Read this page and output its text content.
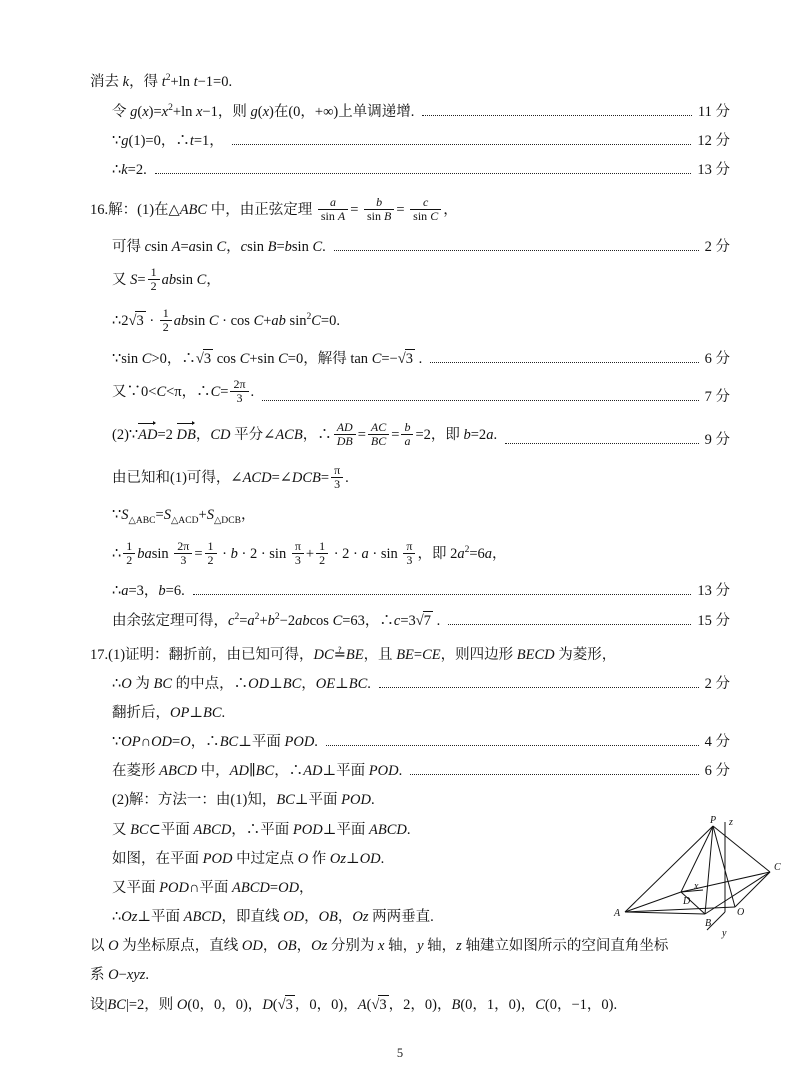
消去 k，得 $t^2+\ln$ t−1=0.
令 $g(x)=x^2+\ln$ x−1，则 g(x)在(0，+∞)上单调递增.	11 分
∵g(1)=0，∴t=1，	12 分
∴k=2.	13 分
16.解：(1)在△ABC 中，由正弦定理 $\frac{a}{\text{sin A}} = \frac{b}{\text{sin B}} = \frac{c}{\text{sin C}}$ ，
可得 csin A=asin C，csin B=bsin C.	2 分
又 $S= \frac{1}{2}$ absin C，
∴2√3 · $\frac{1}{2}$ absin C · cos C+ab $\sin^2C=0$.
∵sin C>0，∴√3 cos C+sin C=0，解得 tan C=−√3 .	6 分
又∵0<C<π，∴C= $\frac{2\pi}{3}$ .	7 分
(2)∵AD=2 DB，CD 平分∠ACB，∴ $\frac{AD}{DB} = \frac{AC}{BC} = \frac{b}{a} =2$，即 b=2a.	9 分
由已知和(1)可得，∠ACD=∠DCB= $\frac{\pi}{3}$ .
$\because S_{\triangle ABC}=S_{\triangle ACD}+S_{\triangle DCB}$，
∴ $\frac{1}{2}$ basin $\frac{2\pi}{3} = \frac{1}{2} \cdot b \cdot 2 \cdot \sin \frac{\pi}{3} + \frac{1}{2} \cdot 2 \cdot a \cdot \sin \frac{\pi}{3}$ ，即 $2a^2=6a$，
∴a=3，b=6.	13 分
由余弦定理可得，$c^2=a^2+b^2-2abcos$ C=63，∴c=3√7 .	15 分
17.(1)证明：翻折前，由已知可得，DC≟BE，且 BE=CE，则四边形 BECD 为菱形，
∴O 为 BC 的中点，∴OD⊥BC，OE⊥BC.	2 分
翻折后，OP⊥BC.
∵OP∩OD=O，∴BC⊥平面 POD.	4 分
在菱形 ABCD 中，AD∥BC，∴AD⊥平面 POD.	6 分
(2)解：方法一：由(1)知，BC⊥平面 POD.
又 BC⊂平面 ABCD，∴平面 POD⊥平面 ABCD.
如图，在平面 POD 中过定点 O 作 Oz⊥OD.
又平面 POD∩平面 ABCD=OD，
∴Oz⊥平面 ABCD，即直线 OD，OB，Oz 两两垂直.
以 O 为坐标原点，直线 OD，OB，Oz 分别为 x 轴，y 轴，z 轴建立如图所示的空间直角坐标
系 O−xyz.
设|BC|=2，则 O(0，0，0)，D(√3 ，0，0)，A(√3 ，2，0)，B(0，1，0)，C(0，−1，0).
P z
x
D
C
A	O
B
y
5
